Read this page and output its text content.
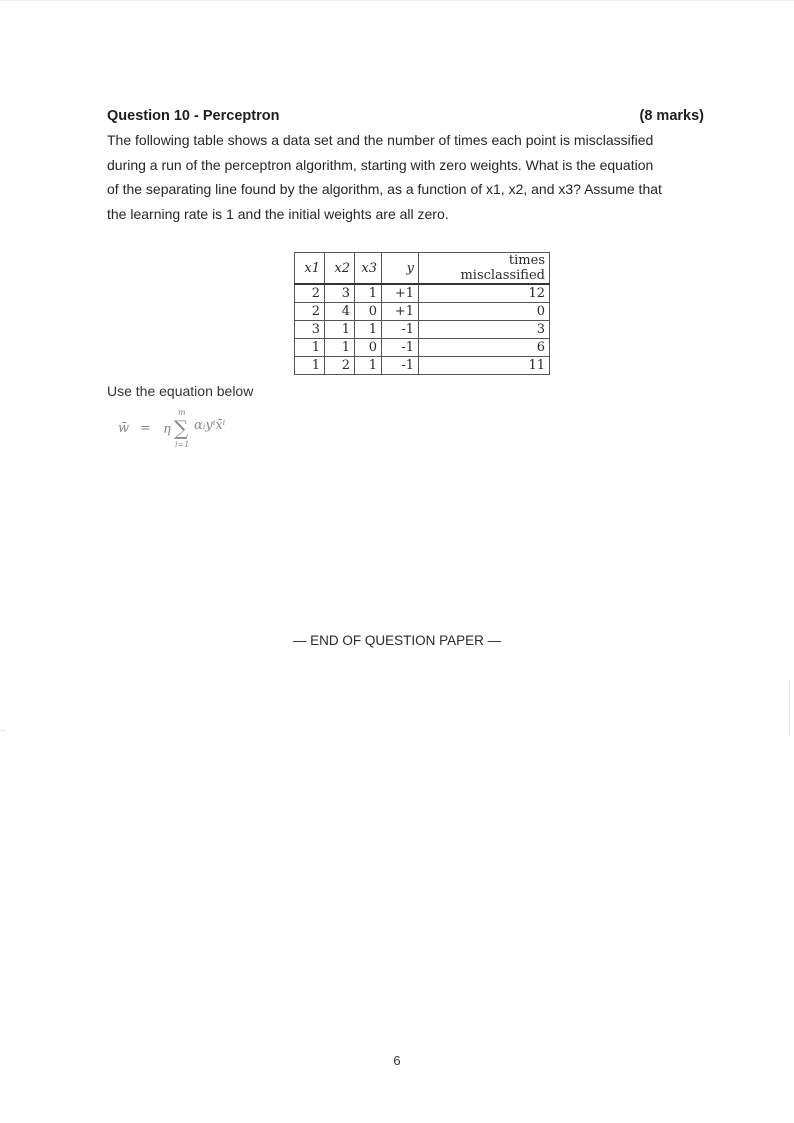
Question 10 - Perceptron	(8 marks)
The following table shows a data set and the number of times each point is misclassified
during a run of the perceptron algorithm, starting with zero weights. What is the equation
of the separating line found by the algorithm, as a function of x1, x2, and x3? Assume that
the learning rate is 1 and the initial weights are all zero.
x1	x2	x3	y	times misclassified
2	3	1	+1	12
2	4	0	+1	0
3	1	1	-1	3
1	1	0	-1	6
1	2	1	-1	11
Use the equation below
w̄ = η
m
∑
i=1
αᵢyⁱx̄ⁱ
— END OF QUESTION PAPER —
6
